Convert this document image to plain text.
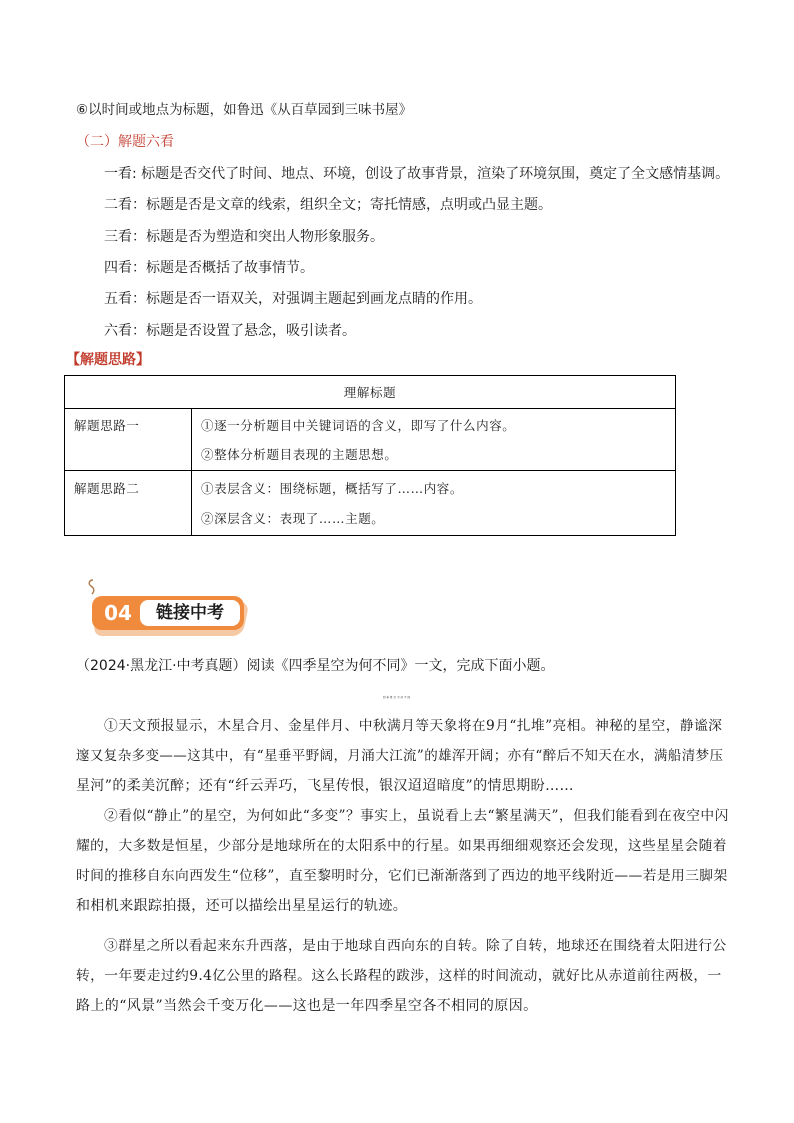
⑥以时间或地点为标题，如鲁迅《从百草园到三味书屋》
（二）解题六看
一看: 标题是否交代了时间、地点、环境，创设了故事背景，渲染了环境氛围，奠定了全文感情基调。
二看：标题是否是文章的线索，组织全文；寄托情感，点明或凸显主题。
三看：标题是否为塑造和突出人物形象服务。
四看：标题是否概括了故事情节。
五看：标题是否一语双关，对强调主题起到画龙点睛的作用。
六看：标题是否设置了悬念，吸引读者。
【解题思路】
理解标题
解题思路一	①逐一分析题目中关键词语的含义，即写了什么内容。
②整体分析题目表现的主题思想。
解题思路二	①表层含义：围绕标题，概括写了……内容。
②深层含义：表现了……主题。
04	链接中考
（2024·黑龙江·中考真题）阅读《四季星空为何不同》一文，完成下面小题。
四季星空为何不同
①天文预报显示，木星合月、金星伴月、中秋满月等天象将在9月“扎堆”亮相。神秘的星空，静谧深
邃又复杂多变——这其中，有“星垂平野阔，月涌大江流”的雄浑开阔；亦有“醉后不知天在水，满船清梦压
星河”的柔美沉醉；还有“纤云弄巧，飞星传恨，银汉迢迢暗度”的情思期盼……
②看似“静止”的星空，为何如此“多变”？事实上，虽说看上去“繁星满天”，但我们能看到在夜空中闪
耀的，大多数是恒星，少部分是地球所在的太阳系中的行星。如果再细细观察还会发现，这些星星会随着
时间的推移自东向西发生“位移”，直至黎明时分，它们已渐渐落到了西边的地平线附近——若是用三脚架
和相机来跟踪拍摄，还可以描绘出星星运行的轨迹。
③群星之所以看起来东升西落，是由于地球自西向东的自转。除了自转，地球还在围绕着太阳进行公
转，一年要走过约9.4亿公里的路程。这么长路程的跋涉，这样的时间流动，就好比从赤道前往两极，一
路上的“风景”当然会千变万化——这也是一年四季星空各不相同的原因。
